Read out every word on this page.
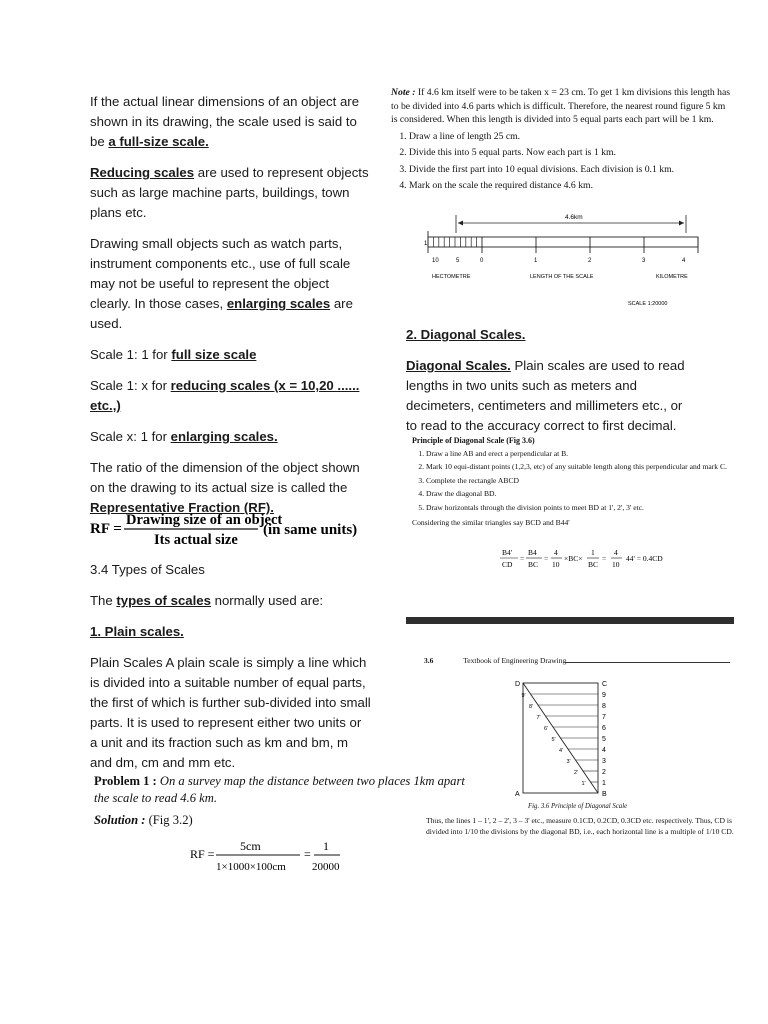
If the actual linear dimensions of an object are shown in its drawing, the scale used is said to be a full-size scale.

Reducing scales are used to represent objects such as large machine parts, buildings, town plans etc.

Drawing small objects such as watch parts, instrument components etc., use of full scale may not be useful to represent the object clearly. In those cases, enlarging scales are used.

Scale 1: 1 for full size scale

Scale 1: x for reducing scales (x = 10,20 ...... etc.,)

Scale x: 1 for enlarging scales.

The ratio of the dimension of the object shown on the drawing to its actual size is called the Representative Fraction (RF).

RF =
Drawing size of an object
Its actual size
(in same units)

3.4 Types of Scales

The types of scales normally used are:

1. Plain scales.

Plain Scales A plain scale is simply a line which is divided into a suitable number of equal parts, the first of which is further sub-divided into small parts. It is used to represent either two units or a unit and its fraction such as km and bm, m and dm, cm and mm etc.

Problem 1 : On a survey map the distance between two places 1km apart
the scale to read 4.6 km.
Solution : (Fig 3.2)
RF =
5cm
1×1000×100cm
=
1
20000
Note : If 4.6 km itself were to be taken x = 23 cm. To get 1 km divisions this length has to be divided into 4.6 parts which is difficult. Therefore, the nearest round figure 5 km is considered. When this length is divided into 5 equal parts each part will be 1 km.
1. Draw a line of length 25 cm.
2. Divide this into 5 equal parts. Now each part is 1 km.
3. Divide the first part into 10 equal divisions. Each division is 0.1 km.
4. Mark on the scale the required distance 4.6 km.
4.6km
1
10	5	0	1	2	3	4
HECTOMETRE	LENGTH OF THE SCALE	KILOMETRE
SCALE 1:20000

2. Diagonal Scales.

Diagonal Scales. Plain scales are used to read lengths in two units such as meters and decimeters, centimeters and millimeters etc., or to read to the accuracy correct to first decimal.

Principle of Diagonal Scale (Fig 3.6)
1. Draw a line AB and erect a perpendicular at B.
2. Mark 10 equi-distant points (1,2,3, etc) of any suitable length along this perpendicular and mark C.
3. Complete the rectangle ABCD
4. Draw the diagonal BD.
5. Draw horizontals through the division points to meet BD at 1', 2', 3' etc.
Considering the similar triangles say BCD and B44'
B4'
CD
=
B4
BC
=
4
10
×BC×
1
BC
=
4
10
44' = 0.4CD
3.6	Textbook of Engineering Drawing
C
D
9
9'
8
8'
7
7'
6
6'
5
5'
4
4'
3
3'
2
2'
1
1'
B
A
Fig. 3.6 Principle of Diagonal Scale
Thus, the lines 1 – 1', 2 – 2', 3 – 3' etc., measure 0.1CD, 0.2CD, 0.3CD etc. respectively. Thus, CD is divided into 1/10 the divisions by the diagonal BD, i.e., each horizontal line is a multiple of 1/10 CD.
